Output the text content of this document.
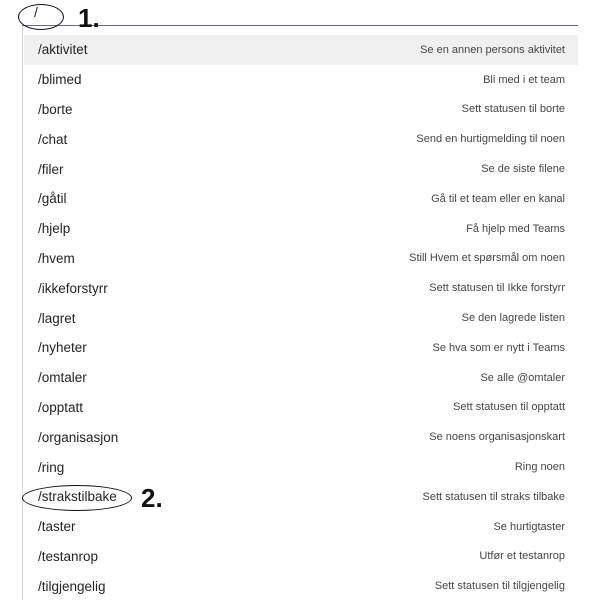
/
/aktivitet	Se en annen persons aktivitet
/blimed	Bli med i et team
/borte	Sett statusen til borte
/chat	Send en hurtigmelding til noen
/filer	Se de siste filene
/gåtil	Gå til et team eller en kanal
/hjelp	Få hjelp med Teams
/hvem	Still Hvem et spørsmål om noen
/ikkeforstyrr	Sett statusen til Ikke forstyrr
/lagret	Se den lagrede listen
/nyheter	Se hva som er nytt i Teams
/omtaler	Se alle @omtaler
/opptatt	Sett statusen til opptatt
/organisasjon	Se noens organisasjonskart
/ring	Ring noen
/strakstilbake	Sett statusen til straks tilbake
/taster	Se hurtigtaster
/testanrop	Utfør et testanrop
/tilgjengelig	Sett statusen til tilgjengelig
1.
2.
